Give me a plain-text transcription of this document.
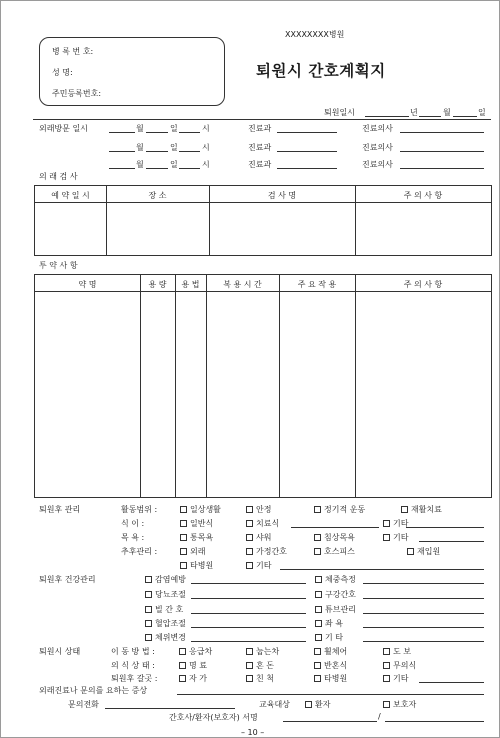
XXXXXXXX병원
퇴원시 간호계획지
병 록 번 호:
성 명:
주민등록번호:
퇴원일시	년	월	일
외래방문 일시	월	일	시	진료과	진료의사
월	일	시	진료과	진료의사
월	일	시	진료과	진료의사
의 래 검 사
예 약 일 시	장 소	검 사 명	주 의 사 항
투 약 사 항
약 명	용 량	용 법	복 용 시 간	주 요 작 용	주 의 사 항
퇴원후 관리	활동범위 :	일상생활	안정	정기적 운동	재활치료
식 이 :	일반식	치료식	기타
목 욕 :	통목욕	샤워	침상목욕	기타
추후관리 :	외래	가정간호	호스피스	재입원
타병원	기타
퇴원후 건강관리	감염예방	체중측정
당뇨조절	구강간호
빌 간 호	튜브관리
혈압조절	좌 욕
체위변경	기 타
퇴원시 상태	이 동 방 법 :	응급차	눕는차	휠체어	도 보
의 식 상 태 :	명 료	혼 돈	반혼식	무의식
퇴원후 갈곳 :	자 가	친 척	타병원	기타
외래진료나 문의를 요하는 증상
문의전화	교육대상	환자	보호자
간호사/환자(보호자) 서명	/
– 10 –
